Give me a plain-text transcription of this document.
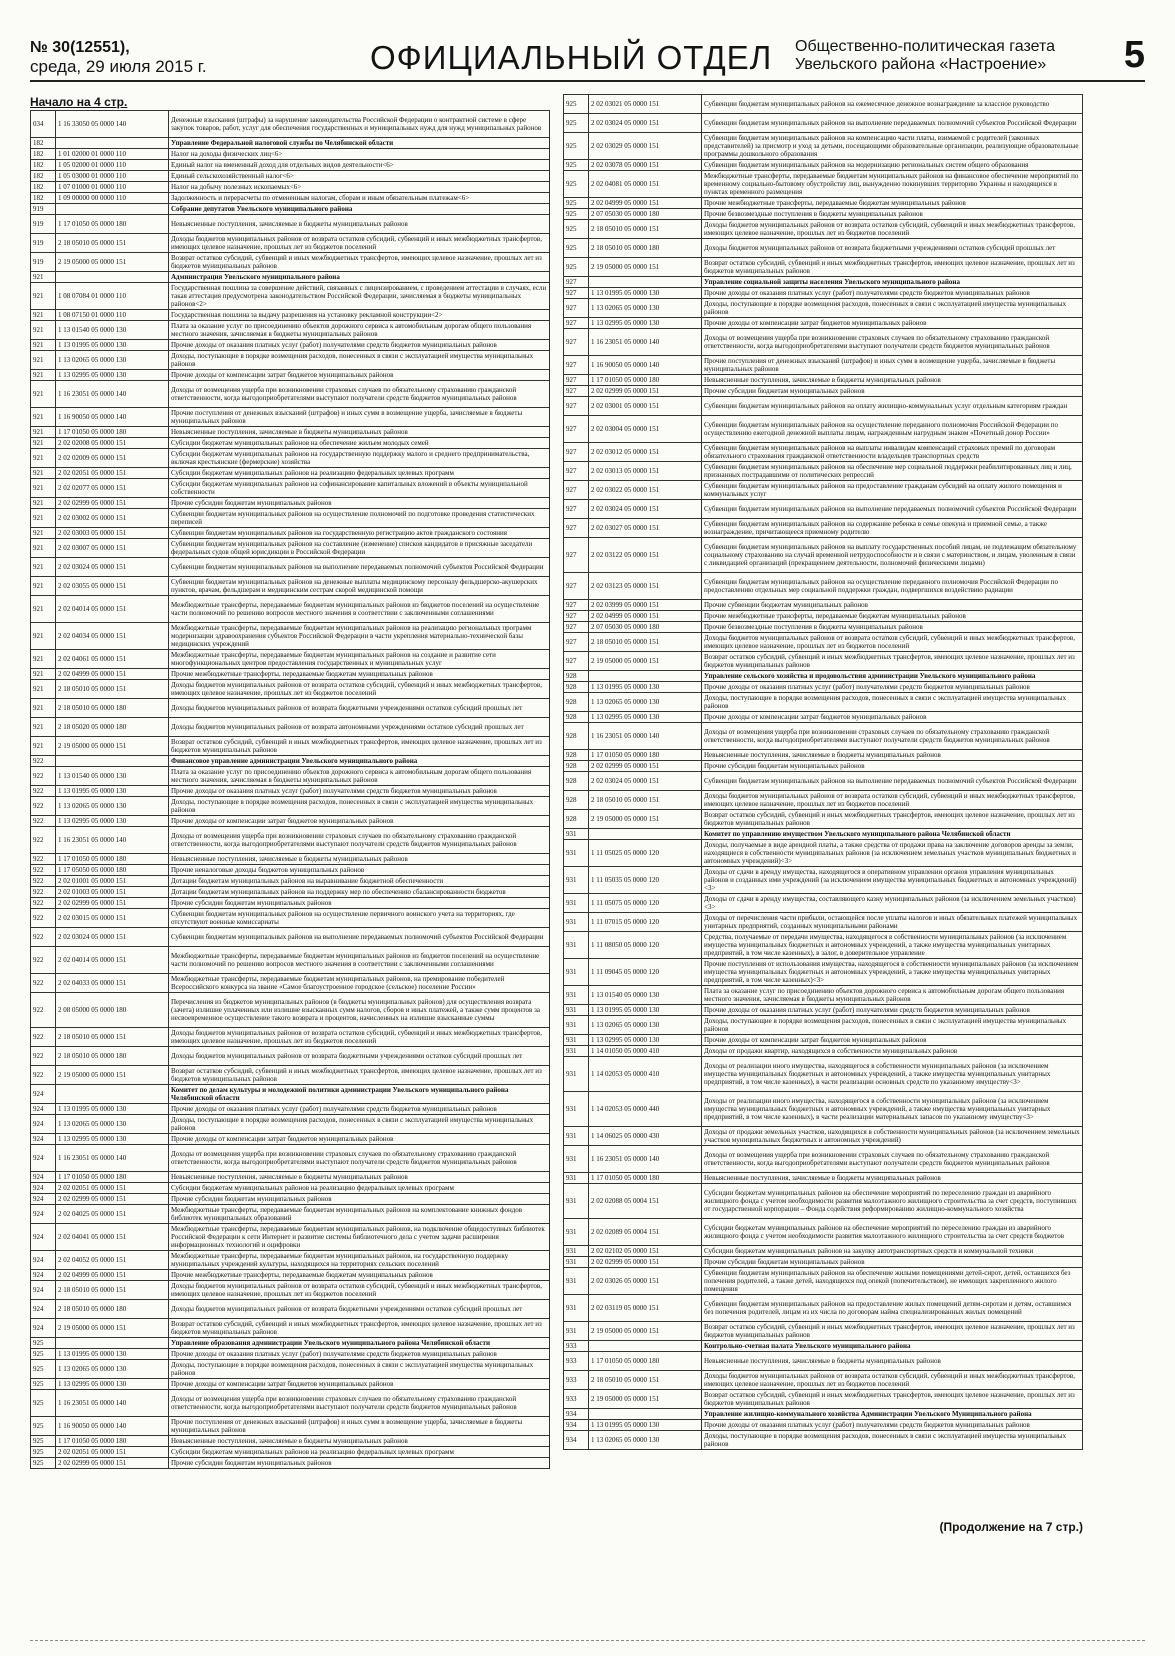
№ 30(12551),
среда, 29 июля 2015 г.	ОФИЦИАЛЬНЫЙ ОТДЕЛ Общественно-политическая газета
Увельского района «Настроение»	5
Начало на 4 стр.
034	1 16 33050 05 0000 140	Денежные взыскания (штрафы) за нарушение законодательства Российской Федерации о контрактной системе в сфере закупок товаров, работ, услуг для обеспечения государственных и муниципальных нужд для нужд муниципальных районов
182		Управление Федеральной налоговой службы по Челябинской области
182	1 01 02000 01 0000 110	Налог на доходы физических лиц<6>
182	1 05 02000 01 0000 110	Единый налог на вмененный доход для отдельных видов деятельности<6>
182	1 05 03000 01 0000 110	Единый сельскохозяйственный налог<6>
182	1 07 01000 01 0000 110	Налог на добычу полезных ископаемых<6>
182	1 09 00000 00 0000 110	Задолженность и перерасчеты по отмененным налогам, сборам и иным обязательным платежам<6>
919		Собрание депутатов Увельского муниципального района
919	1 17 01050 05 0000 180	Невыясненные поступления, зачисляемые в бюджеты муниципальных районов
919	2 18 05010 05 0000 151	Доходы бюджетов муниципальных районов от возврата остатков субсидий, субвенций и иных межбюджетных трансфертов, имеющих целевое назначение, прошлых лет из бюджетов поселений
919	2 19 05000 05 0000 151	Возврат остатков субсидий, субвенций и иных межбюджетных трансфертов, имеющих целевое назначение, прошлых лет из бюджетов муниципальных районов
921		Администрация Увельского муниципального района
921	1 08 07084 01 0000 110	Государственная пошлина за совершение действий, связанных с лицензированием, с проведением аттестации в случаях, если такая аттестация предусмотрена законодательством Российской Федерации, зачисляемая в бюджеты муниципальных районов<2>
921	1 08 07150 01 0000 110	Государственная пошлина за выдачу разрешения на установку рекламной конструкции<2>
921	1 13 01540 05 0000 130	Плата за оказание услуг по присоединению объектов дорожного сервиса к автомобильным дорогам общего пользования местного значения, зачисляемая в бюджеты муниципальных районов
921	1 13 01995 05 0000 130	Прочие доходы от оказания платных услуг (работ) получателями средств бюджетов муниципальных районов
921	1 13 02065 05 0000 130	Доходы, поступающие в порядке возмещения расходов, понесенных в связи с эксплуатацией имущества муниципальных районов
921	1 13 02995 05 0000 130	Прочие доходы от компенсации затрат бюджетов муниципальных районов
921	1 16 23051 05 0000 140	Доходы от возмещения ущерба при возникновении страховых случаев по обязательному страхованию гражданской ответственности, когда выгодоприобретателями выступают получатели средств бюджетов муниципальных районов
921	1 16 90050 05 0000 140	Прочие поступления от денежных взысканий (штрафов) и иных сумм в возмещение ущерба, зачисляемые в бюджеты муниципальных районов
921	1 17 01050 05 0000 180	Невыясненные поступления, зачисляемые в бюджеты муниципальных районов
921	2 02 02008 05 0000 151	Субсидии бюджетам муниципальных районов на обеспечение жильем молодых семей
921	2 02 02009 05 0000 151	Субсидии бюджетам муниципальных районов на государственную поддержку малого и среднего предпринимательства, включая крестьянские (фермерские) хозяйства
921	2 02 02051 05 0000 151	Субсидии бюджетам муниципальных районов на реализацию федеральных целевых программ
921	2 02 02077 05 0000 151	Субсидии бюджетам муниципальных районов на софинансирование капитальных вложений в объекты муниципальной собственности
921	2 02 02999 05 0000 151	Прочие субсидии бюджетам муниципальных районов
921	2 02 03002 05 0000 151	Субвенции бюджетам муниципальных районов на осуществление полномочий по подготовке проведения статистических переписей
921	2 02 03003 05 0000 151	Субвенции бюджетам муниципальных районов на государственную регистрацию актов гражданского состояния
921	2 02 03007 05 0000 151	Субвенции бюджетам муниципальных районов на составление (изменение) списков кандидатов в присяжные заседатели федеральных судов общей юрисдикции в Российской Федерации
921	2 02 03024 05 0000 151	Субвенции бюджетам муниципальных районов на выполнение передаваемых полномочий субъектов Российской Федерации
921	2 02 03055 05 0000 151	Субвенции бюджетам муниципальных районов на денежные выплаты медицинскому персоналу фельдшерско-акушерских пунктов, врачам, фельдшерам и медицинским сестрам скорой медицинской помощи
921	2 02 04014 05 0000 151	Межбюджетные трансферты, передаваемые бюджетам муниципальных районов из бюджетов поселений на осуществление части полномочий по решению вопросов местного значения в соответствии с заключенными соглашениями
921	2 02 04034 05 0000 151	Межбюджетные трансферты, передаваемые бюджетам муниципальных районов на реализацию региональных программ модернизации здравоохранения субъектов Российской Федерации в части укрепления материально-технической базы медицинских учреждений
921	2 02 04061 05 0000 151	Межбюджетные трансферты, передаваемые бюджетам муниципальных районов на создание и развитие сети многофункциональных центров предоставления государственных и муниципальных услуг
921	2 02 04999 05 0000 151	Прочие межбюджетные трансферты, передаваемые бюджетам муниципальных районов
921	2 18 05010 05 0000 151	Доходы бюджетов муниципальных районов от возврата остатков субсидий, субвенций и иных межбюджетных трансфертов, имеющих целевое назначение, прошлых лет из бюджетов поселений
921	2 18 05010 05 0000 180	Доходы бюджетов муниципальных районов от возврата бюджетными учреждениями остатков субсидий прошлых лет
921	2 18 05020 05 0000 180	Доходы бюджетов муниципальных районов от возврата автономными учреждениями остатков субсидий прошлых лет
921	2 19 05000 05 0000 151	Возврат остатков субсидий, субвенций и иных межбюджетных трансфертов, имеющих целевое назначение, прошлых лет из бюджетов муниципальных районов
922		Финансовое управление администрации Увельского муниципального района
922	1 13 01540 05 0000 130	Плата за оказание услуг по присоединению объектов дорожного сервиса к автомобильным дорогам общего пользования местного значения, зачисляемая в бюджеты муниципальных районов
922	1 13 01995 05 0000 130	Прочие доходы от оказания платных услуг (работ) получателями средств бюджетов муниципальных районов
922	1 13 02065 05 0000 130	Доходы, поступающие в порядке возмещения расходов, понесенных в связи с эксплуатацией имущества муниципальных районов
922	1 13 02995 05 0000 130	Прочие доходы от компенсации затрат бюджетов муниципальных районов
922	1 16 23051 05 0000 140	Доходы от возмещения ущерба при возникновении страховых случаев по обязательному страхованию гражданской ответственности, когда выгодоприобретателями выступают получатели средств бюджетов муниципальных районов
922	1 17 01050 05 0000 180	Невыясненные поступления, зачисляемые в бюджеты муниципальных районов
922	1 17 05050 05 0000 180	Прочие неналоговые доходы бюджетов муниципальных районов
922	2 02 01001 05 0000 151	Дотации бюджетам муниципальных районов на выравнивание бюджетной обеспеченности
922	2 02 01003 05 0000 151	Дотации бюджетам муниципальных районов на поддержку мер по обеспечению сбалансированности бюджетов
922	2 02 02999 05 0000 151	Прочие субсидии бюджетам муниципальных районов
922	2 02 03015 05 0000 151	Субвенции бюджетам муниципальных районов на осуществление первичного воинского учета на территориях, где отсутствуют военные комиссариаты
922	2 02 03024 05 0000 151	Субвенции бюджетам муниципальных районов на выполнение передаваемых полномочий субъектов Российской Федерации
922	2 02 04014 05 0000 151	Межбюджетные трансферты, передаваемые бюджетам муниципальных районов из бюджетов поселений на осуществление части полномочий по решению вопросов местного значения в соответствии с заключенными соглашениями
922	2 02 04033 05 0000 151	Межбюджетные трансферты, передаваемые бюджетам муниципальных районов, на премирование победителей Всероссийского конкурса на звание «Самое благоустроенное городское (сельское) поселение России»
922	2 08 05000 05 0000 180	Перечисления из бюджетов муниципальных районов (в бюджеты муниципальных районов) для осуществления возврата (зачета) излишне уплаченных или излишне взысканных сумм налогов, сборов и иных платежей, а также сумм процентов за несвоевременное осуществление такого возврата и процентов, начисленных на излишне взысканные суммы
922	2 18 05010 05 0000 151	Доходы бюджетов муниципальных районов от возврата остатков субсидий, субвенций и иных межбюджетных трансфертов, имеющих целевое назначение, прошлых лет из бюджетов поселений
922	2 18 05010 05 0000 180	Доходы бюджетов муниципальных районов от возврата бюджетными учреждениями остатков субсидий прошлых лет
922	2 19 05000 05 0000 151	Возврат остатков субсидий, субвенций и иных межбюджетных трансфертов, имеющих целевое назначение, прошлых лет из бюджетов муниципальных районов
924		Комитет по делам культуры и молодежной политики администрации Увельского муниципального района Челябинской области
924	1 13 01995 05 0000 130	Прочие доходы от оказания платных услуг (работ) получателями средств бюджетов муниципальных районов
924	1 13 02065 05 0000 130	Доходы, поступающие в порядке возмещения расходов, понесенных в связи с эксплуатацией имущества муниципальных районов
924	1 13 02995 05 0000 130	Прочие доходы от компенсации затрат бюджетов муниципальных районов
924	1 16 23051 05 0000 140	Доходы от возмещения ущерба при возникновении страховых случаев по обязательному страхованию гражданской ответственности, когда выгодоприобретателями выступают получатели средств бюджетов муниципальных районов
924	1 17 01050 05 0000 180	Невыясненные поступления, зачисляемые в бюджеты муниципальных районов
924	2 02 02051 05 0000 151	Субсидии бюджетам муниципальных районов на реализацию федеральных целевых программ
924	2 02 02999 05 0000 151	Прочие субсидии бюджетам муниципальных районов
924	2 02 04025 05 0000 151	Межбюджетные трансферты, передаваемые бюджетам муниципальных районов на комплектование книжных фондов библиотек муниципальных образований
924	2 02 04041 05 0000 151	Межбюджетные трансферты, передаваемые бюджетам муниципальных районов, на подключение общедоступных библиотек Российской Федерации к сети Интернет и развитие системы библиотечного дела с учетом задачи расширения информационных технологий и оцифровки
924	2 02 04052 05 0000 151	Межбюджетные трансферты, передаваемые бюджетам муниципальных районов, на государственную поддержку муниципальных учреждений культуры, находящихся на территориях сельских поселений
924	2 02 04999 05 0000 151	Прочие межбюджетные трансферты, передаваемые бюджетам муниципальных районов
924	2 18 05010 05 0000 151	Доходы бюджетов муниципальных районов от возврата остатков субсидий, субвенций и иных межбюджетных трансфертов, имеющих целевое назначение, прошлых лет из бюджетов поселений
924	2 18 05010 05 0000 180	Доходы бюджетов муниципальных районов от возврата бюджетными учреждениями остатков субсидий прошлых лет
924	2 19 05000 05 0000 151	Возврат остатков субсидий, субвенций и иных межбюджетных трансфертов, имеющих целевое назначение, прошлых лет из бюджетов муниципальных районов
925		Управление образования администрации Увельского муниципального района Челябинской области
925	1 13 01995 05 0000 130	Прочие доходы от оказания платных услуг (работ) получателями средств бюджетов муниципальных районов
925	1 13 02065 05 0000 130	Доходы, поступающие в порядке возмещения расходов, понесенных в связи с эксплуатацией имущества муниципальных районов
925	1 13 02995 05 0000 130	Прочие доходы от компенсации затрат бюджетов муниципальных районов
925	1 16 23051 05 0000 140	Доходы от возмещения ущерба при возникновении страховых случаев по обязательному страхованию гражданской ответственности, когда выгодоприобретателями выступают получатели средств бюджетов муниципальных районов
925	1 16 90050 05 0000 140	Прочие поступления от денежных взысканий (штрафов) и иных сумм в возмещение ущерба, зачисляемые в бюджеты муниципальных районов
925	1 17 01050 05 0000 180	Невыясненные поступления, зачисляемые в бюджеты муниципальных районов
925	2 02 02051 05 0000 151	Субсидии бюджетам муниципальных районов на реализацию федеральных целевых программ
925	2 02 02999 05 0000 151	Прочие субсидии бюджетам муниципальных районов
925	2 02 03021 05 0000 151	Субвенции бюджетам муниципальных районов на ежемесячное денежное вознаграждение за классное руководство
925	2 02 03024 05 0000 151	Субвенции бюджетам муниципальных районов на выполнение передаваемых полномочий субъектов Российской Федерации
925	2 02 03029 05 0000 151	Субвенции бюджетам муниципальных районов на компенсацию части платы, взимаемой с родителей (законных представителей) за присмотр и уход за детьми, посещающими образовательные организации, реализующие образовательные программы дошкольного образования
925	2 02 03078 05 0000 151	Субвенции бюджетам муниципальных районов на модернизацию региональных систем общего образования
925	2 02 04081 05 0000 151	Межбюджетные трансферты, передаваемые бюджетам муниципальных районов на финансовое обеспечение мероприятий по временному социально-бытовому обустройству лиц, вынужденно покинувших территорию Украины и находящихся в пунктах временного размещения
925	2 02 04999 05 0000 151	Прочие межбюджетные трансферты, передаваемые бюджетам муниципальных районов
925	2 07 05030 05 0000 180	Прочие безвозмездные поступления в бюджеты муниципальных районов
925	2 18 05010 05 0000 151	Доходы бюджетов муниципальных районов от возврата остатков субсидий, субвенций и иных межбюджетных трансфертов, имеющих целевое назначение, прошлых лет из бюджетов поселений
925	2 18 05010 05 0000 180	Доходы бюджетов муниципальных районов от возврата бюджетными учреждениями остатков субсидий прошлых лет
925	2 19 05000 05 0000 151	Возврат остатков субсидий, субвенций и иных межбюджетных трансфертов, имеющих целевое назначение, прошлых лет из бюджетов муниципальных районов
927		Управление социальной защиты населения Увельского муниципального района
927	1 13 01995 05 0000 130	Прочие доходы от оказания платных услуг (работ) получателями средств бюджетов муниципальных районов
927	1 13 02065 05 0000 130	Доходы, поступающие в порядке возмещения расходов, понесенных в связи с эксплуатацией имущества муниципальных районов
927	1 13 02995 05 0000 130	Прочие доходы от компенсации затрат бюджетов муниципальных районов
927	1 16 23051 05 0000 140	Доходы от возмещения ущерба при возникновении страховых случаев по обязательному страхованию гражданской ответственности, когда выгодоприобретателями выступают получатели средств бюджетов муниципальных районов
927	1 16 90050 05 0000 140	Прочие поступления от денежных взысканий (штрафов) и иных сумм в возмещение ущерба, зачисляемые в бюджеты муниципальных районов
927	1 17 01050 05 0000 180	Невыясненные поступления, зачисляемые в бюджеты муниципальных районов
927	2 02 02999 05 0000 151	Прочие субсидии бюджетам муниципальных районов
927	2 02 03001 05 0000 151	Субвенции бюджетам муниципальных районов на оплату жилищно-коммунальных услуг отдельным категориям граждан
927	2 02 03004 05 0000 151	Субвенции бюджетам муниципальных районов на осуществление переданного полномочия Российской Федерации по осуществлению ежегодной денежной выплаты лицам, награжденным нагрудным знаком «Почетный донор России»
927	2 02 03012 05 0000 151	Субвенции бюджетам муниципальных районов на выплаты инвалидам компенсаций страховых премий по договорам обязательного страхования гражданской ответственности владельцев транспортных средств
927	2 02 03013 05 0000 151	Субвенции бюджетам муниципальных районов на обеспечение мер социальной поддержки реабилитированных лиц и лиц, признанных пострадавшими от политических репрессий
927	2 02 03022 05 0000 151	Субвенции бюджетам муниципальных районов на предоставление гражданам субсидий на оплату жилого помещения и коммунальных услуг
927	2 02 03024 05 0000 151	Субвенции бюджетам муниципальных районов на выполнение передаваемых полномочий субъектов Российской Федерации
927	2 02 03027 05 0000 151	Субвенции бюджетам муниципальных районов на содержание ребенка в семье опекуна и приемной семье, а также вознаграждение, причитающееся приемному родителю
927	2 02 03122 05 0000 151	Субвенции бюджетам муниципальных районов на выплату государственных пособий лицам, не подлежащим обязательному социальному страхованию на случай временной нетрудоспособности и в связи с материнством, и лицам, уволенным в связи с ликвидацией организаций (прекращением деятельности, полномочий физическими лицами)
927	2 02 03123 05 0000 151	Субвенции бюджетам муниципальных районов на осуществление переданного полномочия Российской Федерации по предоставлению отдельных мер социальной поддержки граждан, подвергшихся воздействию радиации
927	2 02 03999 05 0000 151	Прочие субвенции бюджетам муниципальных районов
927	2 02 04999 05 0000 151	Прочие межбюджетные трансферты, передаваемые бюджетам муниципальных районов
927	2 07 05030 05 0000 180	Прочие безвозмездные поступления в бюджеты муниципальных районов
927	2 18 05010 05 0000 151	Доходы бюджетов муниципальных районов от возврата остатков субсидий, субвенций и иных межбюджетных трансфертов, имеющих целевое назначение, прошлых лет из бюджетов поселений
927	2 19 05000 05 0000 151	Возврат остатков субсидий, субвенций и иных межбюджетных трансфертов, имеющих целевое назначение, прошлых лет из бюджетов муниципальных районов
928		Управление сельского хозяйства и продовольствия администрации Увельского муниципального района
928	1 13 01995 05 0000 130	Прочие доходы от оказания платных услуг (работ) получателями средств бюджетов муниципальных районов
928	1 13 02065 05 0000 130	Доходы, поступающие в порядке возмещения расходов, понесенных в связи с эксплуатацией имущества муниципальных районов
928	1 13 02995 05 0000 130	Прочие доходы от компенсации затрат бюджетов муниципальных районов
928	1 16 23051 05 0000 140	Доходы от возмещения ущерба при возникновении страховых случаев по обязательному страхованию гражданской ответственности, когда выгодоприобретателями выступают получатели средств бюджетов муниципальных районов
928	1 17 01050 05 0000 180	Невыясненные поступления, зачисляемые в бюджеты муниципальных районов
928	2 02 02999 05 0000 151	Прочие субсидии бюджетам муниципальных районов
928	2 02 03024 05 0000 151	Субвенции бюджетам муниципальных районов на выполнение передаваемых полномочий субъектов Российской Федерации
928	2 18 05010 05 0000 151	Доходы бюджетов муниципальных районов от возврата остатков субсидий, субвенций и иных межбюджетных трансфертов, имеющих целевое назначение, прошлых лет из бюджетов поселений
928	2 19 05000 05 0000 151	Возврат остатков субсидий, субвенций и иных межбюджетных трансфертов, имеющих целевое назначение, прошлых лет из бюджетов муниципальных районов
931		Комитет по управлению имуществом Увельского муниципального района Челябинской области
931	1 11 05025 05 0000 120	Доходы, получаемые в виде арендной платы, а также средства от продажи права на заключение договоров аренды за земли, находящиеся в собственности муниципальных районов (за исключением земельных участков муниципальных бюджетных и автономных учреждений)<3>
931	1 11 05035 05 0000 120	Доходы от сдачи в аренду имущества, находящегося в оперативном управлении органов управления муниципальных районов и созданных ими учреждений (за исключением имущества муниципальных бюджетных и автономных учреждений)<3>
931	1 11 05075 05 0000 120	Доходы от сдачи в аренду имущества, составляющего казну муниципальных районов (за исключением земельных участков)<3>
931	1 11 07015 05 0000 120	Доходы от перечисления части прибыли, остающейся после уплаты налогов и иных обязательных платежей муниципальных унитарных предприятий, созданных муниципальными районами
931	1 11 08050 05 0000 120	Средства, получаемые от передачи имущества, находящегося в собственности муниципальных районов (за исключением имущества муниципальных бюджетных и автономных учреждений, а также имущества муниципальных унитарных предприятий, в том числе казенных), в залог, в доверительное управление
931	1 11 09045 05 0000 120	Прочие поступления от использования имущества, находящегося в собственности муниципальных районов (за исключением имущества муниципальных бюджетных и автономных учреждений, а также имущества муниципальных унитарных предприятий, в том числе казенных)<3>
931	1 13 01540 05 0000 130	Плата за оказание услуг по присоединению объектов дорожного сервиса к автомобильным дорогам общего пользования местного значения, зачисляемая в бюджеты муниципальных районов
931	1 13 01995 05 0000 130	Прочие доходы от оказания платных услуг (работ) получателями средств бюджетов муниципальных районов
931	1 13 02065 05 0000 130	Доходы, поступающие в порядке возмещения расходов, понесенных в связи с эксплуатацией имущества муниципальных районов
931	1 13 02995 05 0000 130	Прочие доходы от компенсации затрат бюджетов муниципальных районов
931	1 14 01050 05 0000 410	Доходы от продажи квартир, находящихся в собственности муниципальных районов
931	1 14 02053 05 0000 410	Доходы от реализации иного имущества, находящегося в собственности муниципальных районов (за исключением имущества муниципальных бюджетных и автономных учреждений, а также имущества муниципальных унитарных предприятий, в том числе казенных), в части реализации основных средств по указанному имуществу<3>
931	1 14 02053 05 0000 440	Доходы от реализации иного имущества, находящегося в собственности муниципальных районов (за исключением имущества муниципальных бюджетных и автономных учреждений, а также имущества муниципальных унитарных предприятий, в том числе казенных), в части реализации материальных запасов по указанному имуществу<3>
931	1 14 06025 05 0000 430	Доходы от продажи земельных участков, находящихся в собственности муниципальных районов (за исключением земельных участков муниципальных бюджетных и автономных учреждений)
931	1 16 23051 05 0000 140	Доходы от возмещения ущерба при возникновении страховых случаев по обязательному страхованию гражданской ответственности, когда выгодоприобретателями выступают получатели средств бюджетов муниципальных районов
931	1 17 01050 05 0000 180	Невыясненные поступления, зачисляемые в бюджеты муниципальных районов
931	2 02 02088 05 0004 151	Субсидии бюджетам муниципальных районов на обеспечение мероприятий по переселению граждан из аварийного жилищного фонда с учетом необходимости развития малоэтажного жилищного строительства за счет средств, поступивших от государственной корпорации – Фонда содействия реформированию жилищно-коммунального хозяйства
931	2 02 02089 05 0004 151	Субсидии бюджетам муниципальных районов на обеспечение мероприятий по переселению граждан из аварийного жилищного фонда с учетом необходимости развития малоэтажного жилищного строительства за счет средств бюджетов
931	2 02 02102 05 0000 151	Субсидии бюджетам муниципальных районов на закупку автотранспортных средств и коммунальной техники
931	2 02 02999 05 0000 151	Прочие субсидии бюджетам муниципальных районов
931	2 02 03026 05 0000 151	Субвенции бюджетам муниципальных районов на обеспечение жилыми помещениями детей-сирот, детей, оставшихся без попечения родителей, а также детей, находящихся под опекой (попечительством), не имеющих закрепленного жилого помещения
931	2 02 03119 05 0000 151	Субвенции бюджетам муниципальных районов на предоставление жилых помещений детям-сиротам и детям, оставшимся без попечения родителей, лицам из их числа по договорам найма специализированных жилых помещений
931	2 19 05000 05 0000 151	Возврат остатков субсидий, субвенций и иных межбюджетных трансфертов, имеющих целевое назначение, прошлых лет из бюджетов муниципальных районов
933		Контрольно-счетная палата Увельского муниципального района
933	1 17 01050 05 0000 180	Невыясненные поступления, зачисляемые в бюджеты муниципальных районов
933	2 18 05010 05 0000 151	Доходы бюджетов муниципальных районов от возврата остатков субсидий, субвенций и иных межбюджетных трансфертов, имеющих целевое назначение, прошлых лет из бюджетов поселений
933	2 19 05000 05 0000 151	Возврат остатков субсидий, субвенций и иных межбюджетных трансфертов, имеющих целевое назначение, прошлых лет из бюджетов муниципальных районов
934		Управление жилищно-коммунального хозяйства Администрации Увельского Муниципального района
934	1 13 01995 05 0000 130	Прочие доходы от оказания платных услуг (работ) получателями средств бюджетов муниципальных районов
934	1 13 02065 05 0000 130	Доходы, поступающие в порядке возмещения расходов, понесенных в связи с эксплуатацией имущества муниципальных районов
(Продолжение на 7 стр.)
